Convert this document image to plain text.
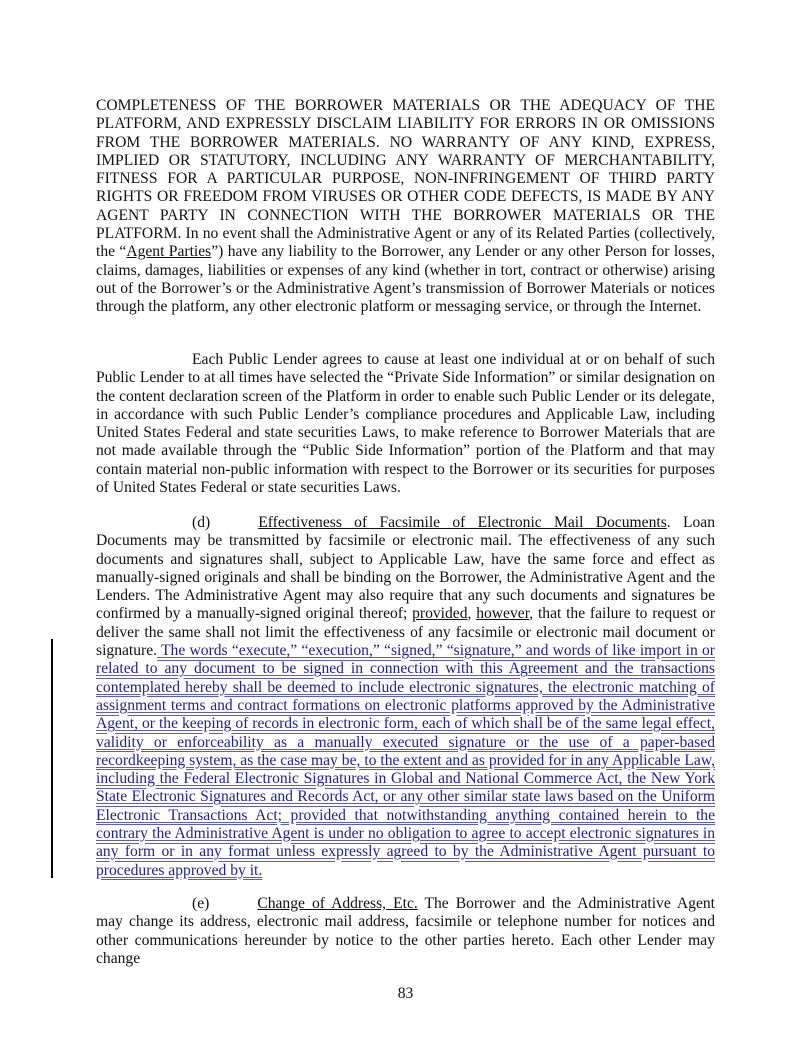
COMPLETENESS OF THE BORROWER MATERIALS OR THE ADEQUACY OF THE PLATFORM, AND EXPRESSLY DISCLAIM LIABILITY FOR ERRORS IN OR OMISSIONS FROM THE BORROWER MATERIALS. NO WARRANTY OF ANY KIND, EXPRESS, IMPLIED OR STATUTORY, INCLUDING ANY WARRANTY OF MERCHANTABILITY, FITNESS FOR A PARTICULAR PURPOSE, NON-INFRINGEMENT OF THIRD PARTY RIGHTS OR FREEDOM FROM VIRUSES OR OTHER CODE DEFECTS, IS MADE BY ANY AGENT PARTY IN CONNECTION WITH THE BORROWER MATERIALS OR THE PLATFORM. In no event shall the Administrative Agent or any of its Related Parties (collectively, the “Agent Parties”) have any liability to the Borrower, any Lender or any other Person for losses, claims, damages, liabilities or expenses of any kind (whether in tort, contract or otherwise) arising out of the Borrower’s or the Administrative Agent’s transmission of Borrower Materials or notices through the platform, any other electronic platform or messaging service, or through the Internet.

Each Public Lender agrees to cause at least one individual at or on behalf of such Public Lender to at all times have selected the “Private Side Information” or similar designation on the content declaration screen of the Platform in order to enable such Public Lender or its delegate, in accordance with such Public Lender’s compliance procedures and Applicable Law, including United States Federal and state securities Laws, to make reference to Borrower Materials that are not made available through the “Public Side Information” portion of the Platform and that may contain material non-public information with respect to the Borrower or its securities for purposes of United States Federal or state securities Laws.

(d)	Effectiveness of Facsimile of Electronic Mail Documents. Loan Documents may be transmitted by facsimile or electronic mail. The effectiveness of any such documents and signatures shall, subject to Applicable Law, have the same force and effect as manually-signed originals and shall be binding on the Borrower, the Administrative Agent and the Lenders. The Administrative Agent may also require that any such documents and signatures be confirmed by a manually-signed original thereof; provided, however, that the failure to request or deliver the same shall not limit the effectiveness of any facsimile or electronic mail document or signature. The words “execute,” “execution,” “signed,” “signature,” and words of like import in or related to any document to be signed in connection with this Agreement and the transactions contemplated hereby shall be deemed to include electronic signatures, the electronic matching of assignment terms and contract formations on electronic platforms approved by the Administrative Agent, or the keeping of records in electronic form, each of which shall be of the same legal effect, validity or enforceability as a manually executed signature or the use of a paper-based recordkeeping system, as the case may be, to the extent and as provided for in any Applicable Law, including the Federal Electronic Signatures in Global and National Commerce Act, the New York State Electronic Signatures and Records Act, or any other similar state laws based on the Uniform Electronic Transactions Act; provided that notwithstanding anything contained herein to the contrary the Administrative Agent is under no obligation to agree to accept electronic signatures in any form or in any format unless expressly agreed to by the Administrative Agent pursuant to procedures approved by it.

(e)	Change of Address, Etc. The Borrower and the Administrative Agent may change its address, electronic mail address, facsimile or telephone number for notices and other communications hereunder by notice to the other parties hereto. Each other Lender may change

83
